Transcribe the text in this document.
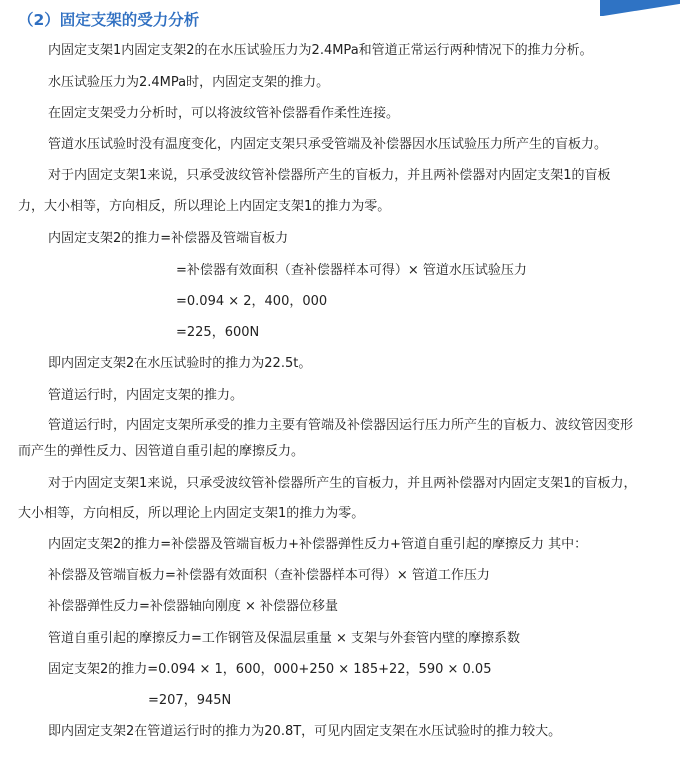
（2）固定支架的受力分析
内固定支架1内固定支架2的在水压试验压力为2.4MPa和管道正常运行两种情况下的推力分析。
水压试验压力为2.4MPa时，内固定支架的推力。
在固定支架受力分析时，可以将波纹管补偿器看作柔性连接。
管道水压试验时没有温度变化，内固定支架只承受管端及补偿器因水压试验压力所产生的盲板力。
对于内固定支架1来说，只承受波纹管补偿器所产生的盲板力，并且两补偿器对内固定支架1的盲板
力，大小相等，方向相反，所以理论上内固定支架1的推力为零。
内固定支架2的推力=补偿器及管端盲板力
=补偿器有效面积（查补偿器样本可得）× 管道水压试验压力
=0.094 × 2，400，000
=225，600N
即内固定支架2在水压试验时的推力为22.5t。
管道运行时，内固定支架的推力。
管道运行时，内固定支架所承受的推力主要有管端及补偿器因运行压力所产生的盲板力、波纹管因变形
而产生的弹性反力、因管道自重引起的摩擦反力。
对于内固定支架1来说，只承受波纹管补偿器所产生的盲板力，并且两补偿器对内固定支架1的盲板力，
大小相等，方向相反，所以理论上内固定支架1的推力为零。
内固定支架2的推力=补偿器及管端盲板力+补偿器弹性反力+管道自重引起的摩擦反力 其中：
补偿器及管端盲板力=补偿器有效面积（查补偿器样本可得）× 管道工作压力
补偿器弹性反力=补偿器轴向刚度 × 补偿器位移量
管道自重引起的摩擦反力=工作钢管及保温层重量 × 支架与外套管内壁的摩擦系数
固定支架2的推力=0.094 × 1，600，000+250 × 185+22，590 × 0.05
=207，945N
即内固定支架2在管道运行时的推力为20.8T，可见内固定支架在水压试验时的推力较大。
